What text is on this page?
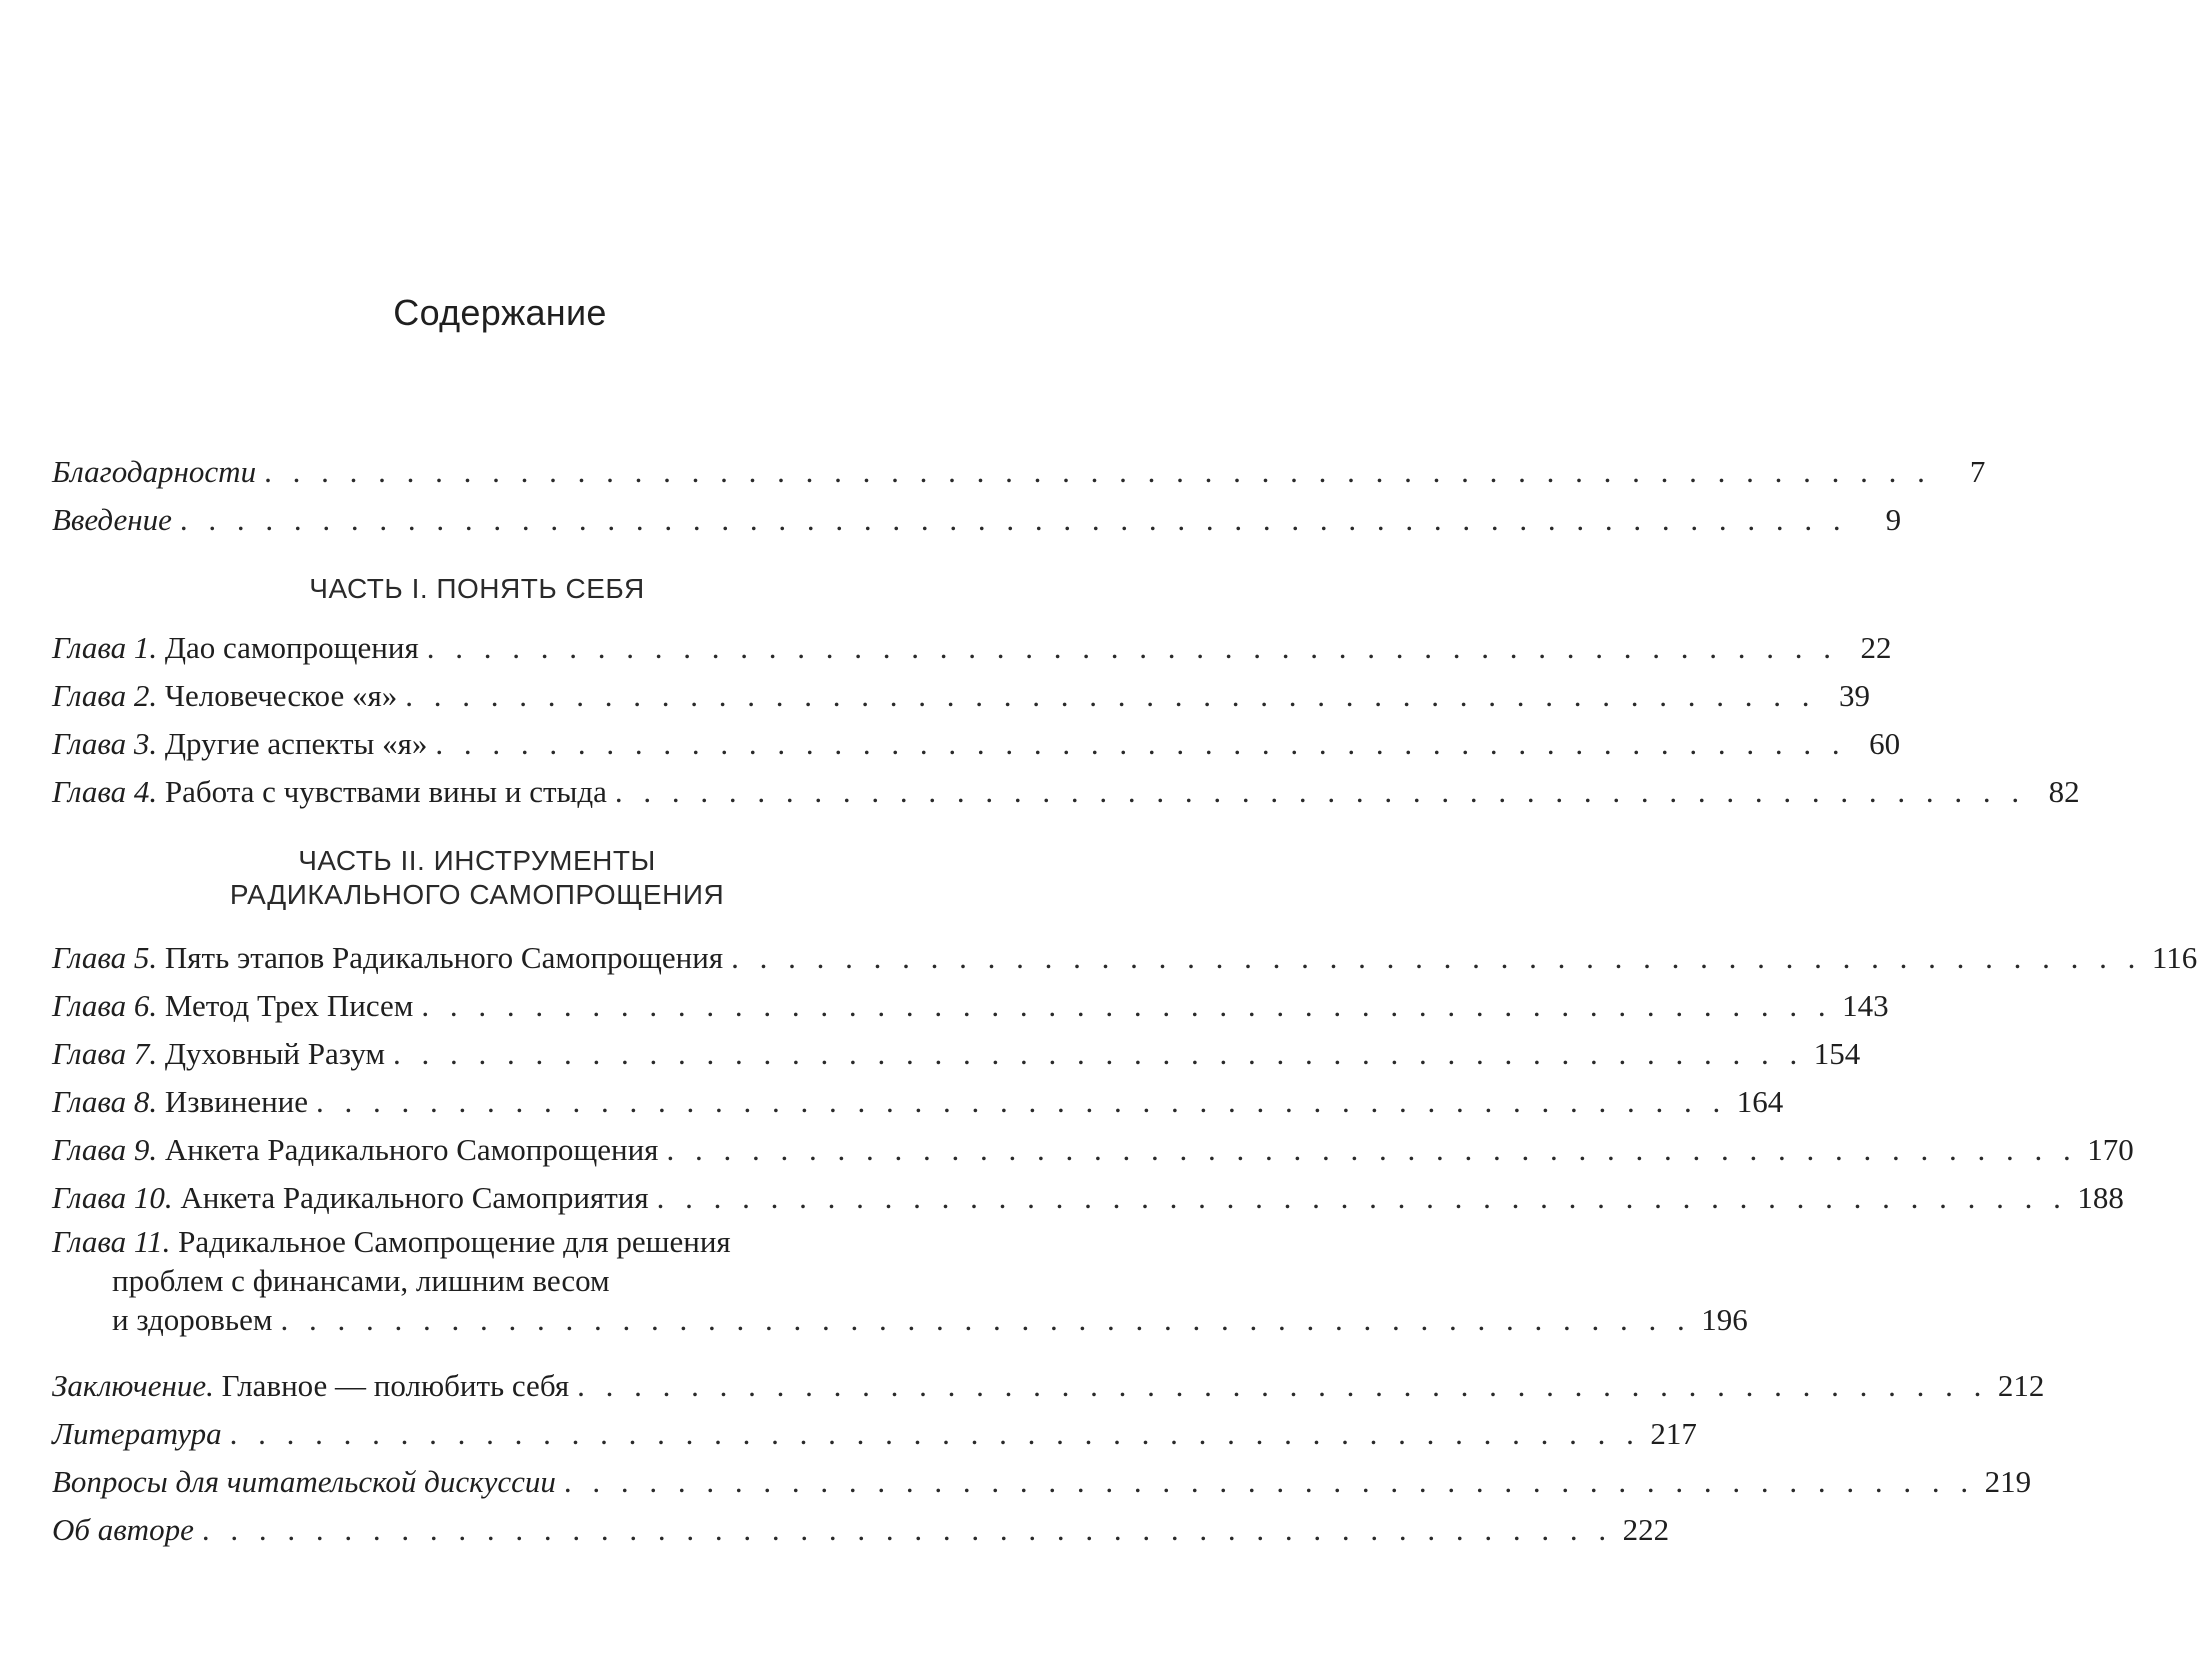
Содержание
Благодарности . . . . . . . . . . . . . . . . . . . . . . . . . . . . . . . . . . . . . . . . . . . . . . . . . . . . . . . . . . .	7
Введение . . . . . . . . . . . . . . . . . . . . . . . . . . . . . . . . . . . . . . . . . . . . . . . . . . . . . . . . . . .	9
ЧАСТЬ I. ПОНЯТЬ СЕБЯ
Глава 1. Дао самопрощения . . . . . . . . . . . . . . . . . . . . . . . . . . . . . . . . . . . . . . . . . . . . . . . . . . 22
Глава 2. Человеческое «я» . . . . . . . . . . . . . . . . . . . . . . . . . . . . . . . . . . . . . . . . . . . . . . . . . . 39
Глава 3. Другие аспекты «я» . . . . . . . . . . . . . . . . . . . . . . . . . . . . . . . . . . . . . . . . . . . . . . . . . . 60
Глава 4. Работа с чувствами вины и стыда . . . . . . . . . . . . . . . . . . . . . . . . . . . . . . . . . . . . . . . . . . . . . . . . . . 82
ЧАСТЬ II. ИНСТРУМЕНТЫ
РАДИКАЛЬНОГО САМОПРОЩЕНИЯ
Глава 5. Пять этапов Радикального Самопрощения . . . . . . . . . . . . . . . . . . . . . . . . . . . . . . . . . . . . . . . . . . . . . . . . . . 116
Глава 6. Метод Трех Писем . . . . . . . . . . . . . . . . . . . . . . . . . . . . . . . . . . . . . . . . . . . . . . . . . . 143
Глава 7. Духовный Разум . . . . . . . . . . . . . . . . . . . . . . . . . . . . . . . . . . . . . . . . . . . . . . . . . . 154
Глава 8. Извинение . . . . . . . . . . . . . . . . . . . . . . . . . . . . . . . . . . . . . . . . . . . . . . . . . . 164
Глава 9. Анкета Радикального Самопрощения . . . . . . . . . . . . . . . . . . . . . . . . . . . . . . . . . . . . . . . . . . . . . . . . . . 170
Глава 10. Анкета Радикального Самоприятия . . . . . . . . . . . . . . . . . . . . . . . . . . . . . . . . . . . . . . . . . . . . . . . . . . 188
Глава 11. Радикальное Самопрощение для решения
проблем с финансами, лишним весом
и здоровьем . . . . . . . . . . . . . . . . . . . . . . . . . . . . . . . . . . . . . . . . . . . . . . . . . . 196
Заключение. Главное — полюбить себя . . . . . . . . . . . . . . . . . . . . . . . . . . . . . . . . . . . . . . . . . . . . . . . . . . 212
Литература . . . . . . . . . . . . . . . . . . . . . . . . . . . . . . . . . . . . . . . . . . . . . . . . . . 217
Вопросы для читательской дискуссии . . . . . . . . . . . . . . . . . . . . . . . . . . . . . . . . . . . . . . . . . . . . . . . . . . 219
Об авторе . . . . . . . . . . . . . . . . . . . . . . . . . . . . . . . . . . . . . . . . . . . . . . . . . . 222
